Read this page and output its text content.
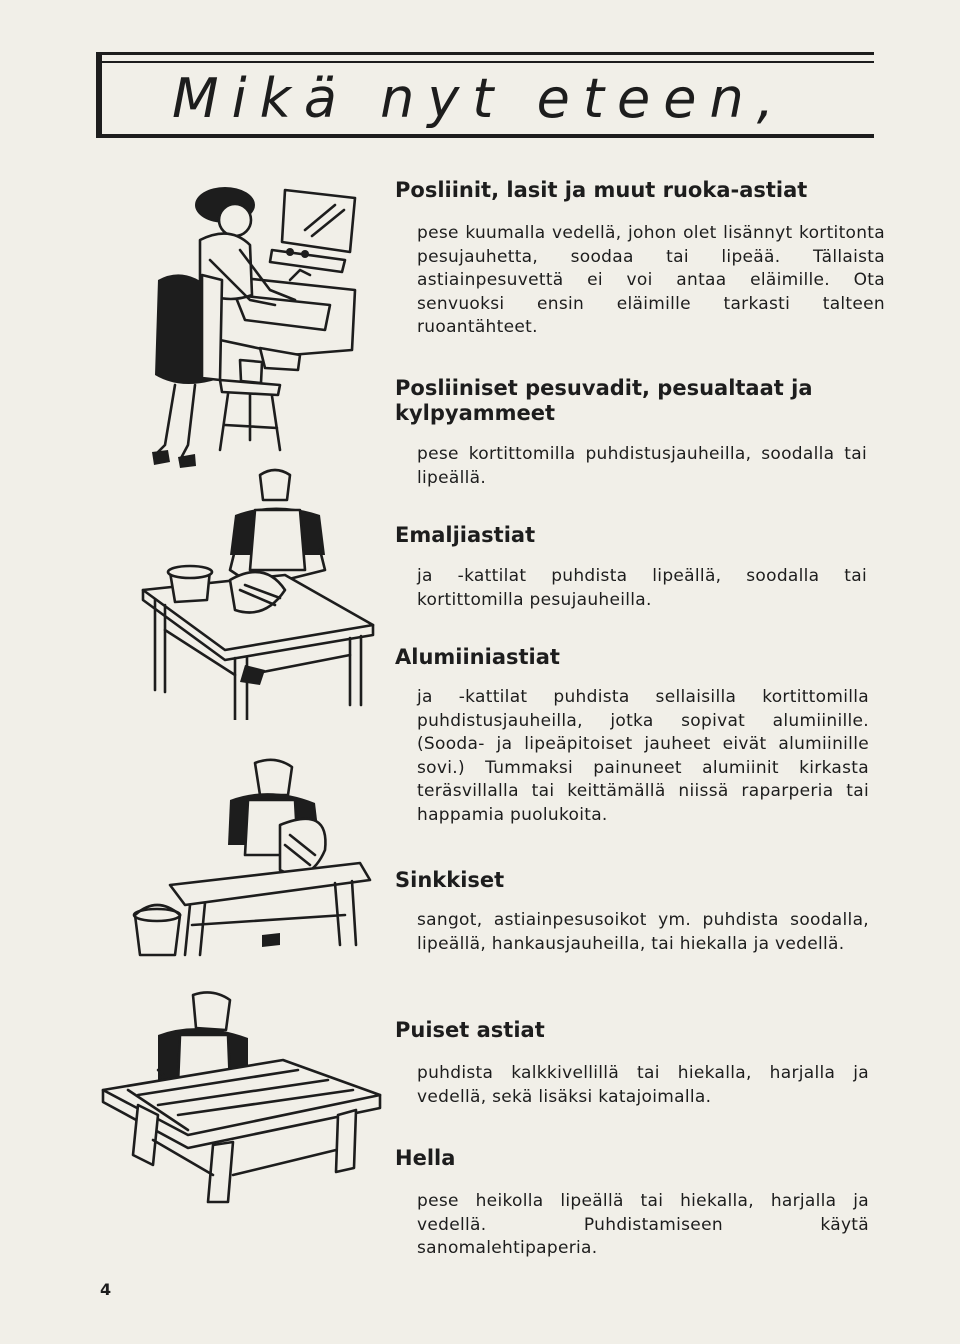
Mikä nyt eteen,
Posliinit, lasit ja muut ruoka-astiat

pese kuumalla vedellä, johon olet lisännyt kortitonta pesujauhetta, soodaa tai lipeää. Tällaista astiainpesuvettä ei voi antaa eläimille. Ota senvuoksi ensin eläimille tarkasti talteen ruoantähteet.

Posliiniset pesuvadit, pesualtaat ja kylpyammeet

pese kortittomilla puhdistusjauheilla, soodalla tai lipeällä.

Emaljiastiat

ja -kattilat puhdista lipeällä, soodalla tai kortittomilla pesujauheilla.

Alumiiniastiat

ja -kattilat puhdista sellaisilla kortittomilla puhdistusjauheilla, jotka sopivat alumiinille. (Sooda- ja lipeäpitoiset jauheet eivät alumiinille sovi.) Tummaksi painuneet alumiinit kirkasta teräsvillalla tai keittämällä niissä raparperia tai happamia puolukoita.

Sinkkiset

sangot, astiainpesusoikot ym. puhdista soodalla, lipeällä, hankausjauheilla, tai hiekalla ja vedellä.

Puiset astiat

puhdista kalkkivellillä tai hiekalla, harjalla ja vedellä, sekä lisäksi katajoimalla.

Hella

pese heikolla lipeällä tai hiekalla, harjalla ja vedellä. Puhdistamiseen käytä sanomalehtipaperia.

4
